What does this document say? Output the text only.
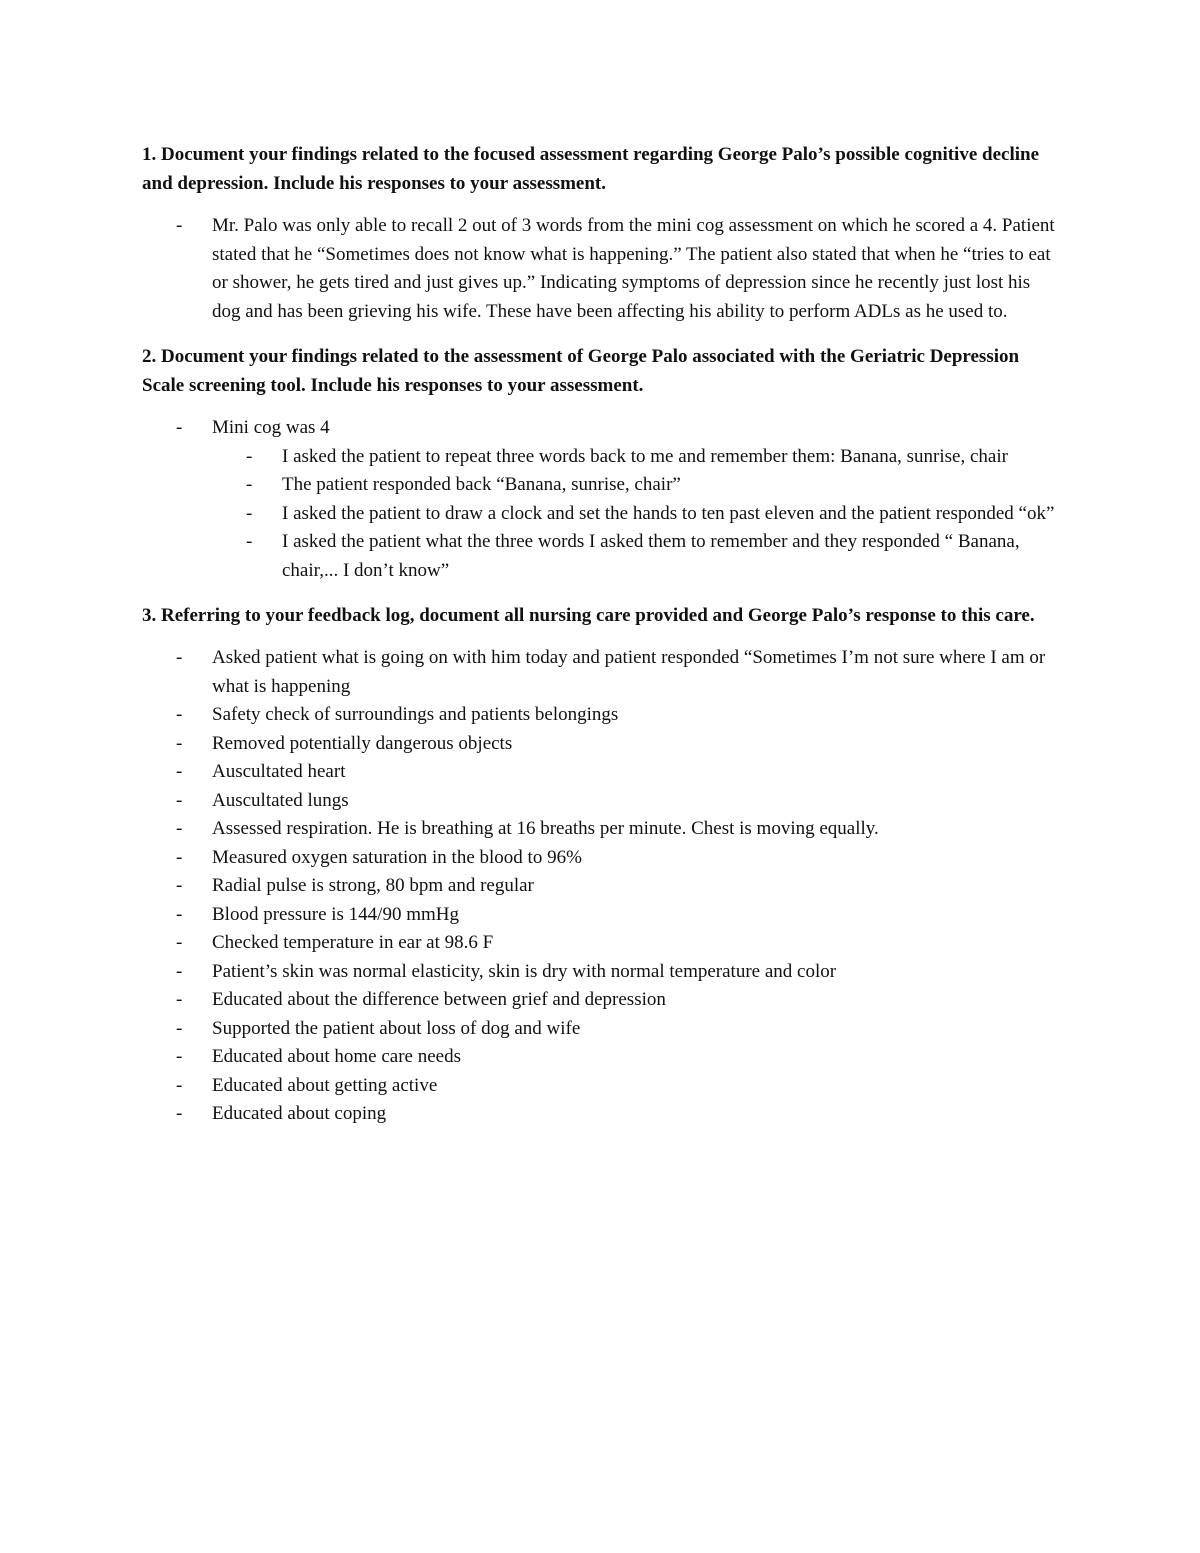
1. Document your findings related to the focused assessment regarding George Palo’s possible cognitive decline and depression. Include his responses to your assessment.

- Mr. Palo was only able to recall 2 out of 3 words from the mini cog assessment on which he scored a 4. Patient stated that he “Sometimes does not know what is happening.” The patient also stated that when he “tries to eat or shower, he gets tired and just gives up.” Indicating symptoms of depression since he recently just lost his dog and has been grieving his wife. These have been affecting his ability to perform ADLs as he used to.

2. Document your findings related to the assessment of George Palo associated with the Geriatric Depression Scale screening tool. Include his responses to your assessment.

- Mini cog was 4
- I asked the patient to repeat three words back to me and remember them: Banana, sunrise, chair
- The patient responded back “Banana, sunrise, chair”
- I asked the patient to draw a clock and set the hands to ten past eleven and the patient responded “ok”
- I asked the patient what the three words I asked them to remember and they responded “ Banana, chair,... I don’t know”

3. Referring to your feedback log, document all nursing care provided and George Palo’s response to this care.

- Asked patient what is going on with him today and patient responded “Sometimes I’m not sure where I am or what is happening
- Safety check of surroundings and patients belongings
- Removed potentially dangerous objects
- Auscultated heart
- Auscultated lungs
- Assessed respiration. He is breathing at 16 breaths per minute. Chest is moving equally.
- Measured oxygen saturation in the blood to 96%
- Radial pulse is strong, 80 bpm and regular
- Blood pressure is 144/90 mmHg
- Checked temperature in ear at 98.6 F
- Patient’s skin was normal elasticity, skin is dry with normal temperature and color
- Educated about the difference between grief and depression
- Supported the patient about loss of dog and wife
- Educated about home care needs
- Educated about getting active
- Educated about coping
